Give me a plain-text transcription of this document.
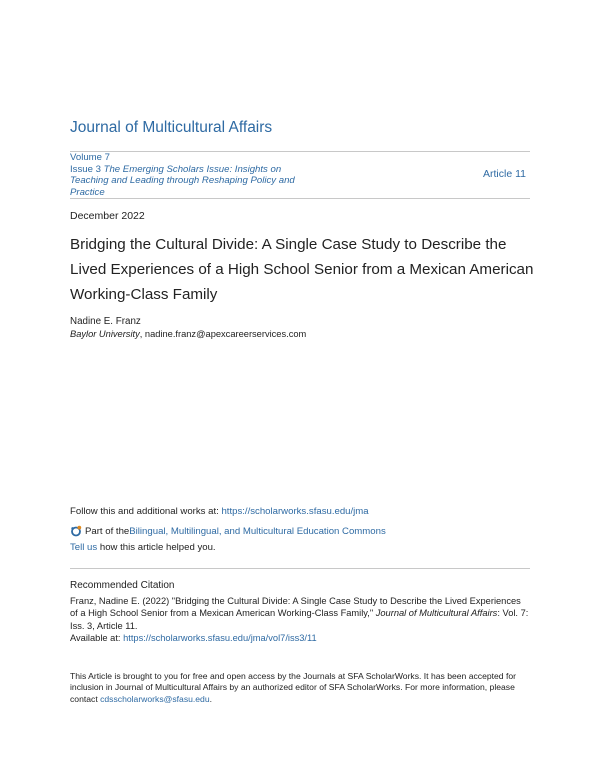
Journal of Multicultural Affairs
Volume 7
Issue 3 The Emerging Scholars Issue: Insights on Teaching and Leading through Reshaping Policy and Practice
Article 11
December 2022
Bridging the Cultural Divide: A Single Case Study to Describe the Lived Experiences of a High School Senior from a Mexican American Working-Class Family
Nadine E. Franz
Baylor University, nadine.franz@apexcareerservices.com
Follow this and additional works at: https://scholarworks.sfasu.edu/jma
Part of the Bilingual, Multilingual, and Multicultural Education Commons
Tell us how this article helped you.
Recommended Citation
Franz, Nadine E. (2022) "Bridging the Cultural Divide: A Single Case Study to Describe the Lived Experiences of a High School Senior from a Mexican American Working-Class Family," Journal of Multicultural Affairs: Vol. 7: Iss. 3, Article 11.
Available at: https://scholarworks.sfasu.edu/jma/vol7/iss3/11
This Article is brought to you for free and open access by the Journals at SFA ScholarWorks. It has been accepted for inclusion in Journal of Multicultural Affairs by an authorized editor of SFA ScholarWorks. For more information, please contact cdsscholarworks@sfasu.edu.
